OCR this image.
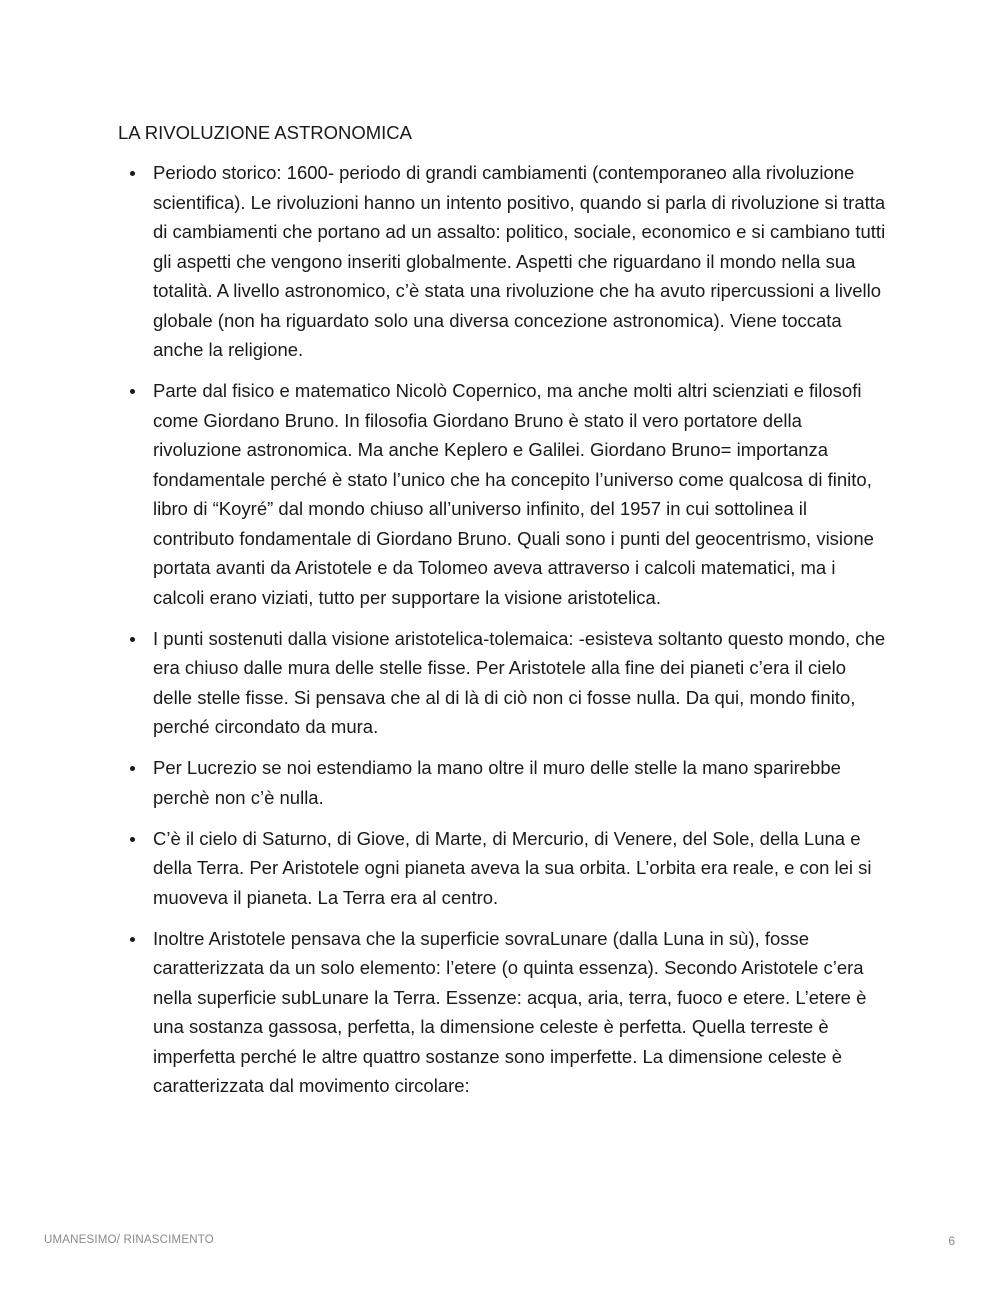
LA RIVOLUZIONE ASTRONOMICA
Periodo storico: 1600- periodo di grandi cambiamenti (contemporaneo alla rivoluzione scientifica). Le rivoluzioni hanno un intento positivo, quando si parla di rivoluzione si tratta di cambiamenti che portano ad un assalto: politico, sociale, economico e si cambiano tutti gli aspetti che vengono inseriti globalmente. Aspetti che riguardano il mondo nella sua totalità. A livello astronomico, c’è stata una rivoluzione che ha avuto ripercussioni a livello globale (non ha riguardato solo una diversa concezione astronomica). Viene toccata anche la religione.
Parte dal fisico e matematico Nicolò Copernico, ma anche molti altri scienziati e filosofi come Giordano Bruno. In filosofia Giordano Bruno è stato il vero portatore della rivoluzione astronomica. Ma anche Keplero e Galilei. Giordano Bruno= importanza fondamentale perché è stato l’unico che ha concepito l’universo come qualcosa di finito, libro di “Koyré” dal mondo chiuso all’universo infinito, del 1957 in cui sottolinea il contributo fondamentale di Giordano Bruno. Quali sono i punti del geocentrismo, visione portata avanti da Aristotele e da Tolomeo aveva attraverso i calcoli matematici, ma i calcoli erano viziati, tutto per supportare la visione aristotelica.
I punti sostenuti dalla visione aristotelica-tolemaica: -esisteva soltanto questo mondo, che era chiuso dalle mura delle stelle fisse. Per Aristotele alla fine dei pianeti c’era il cielo delle stelle fisse. Si pensava che al di là di ciò non ci fosse nulla. Da qui, mondo finito, perché circondato da mura.
Per Lucrezio se noi estendiamo la mano oltre il muro delle stelle la mano sparirebbe perchè non c’è nulla.
C’è il cielo di Saturno, di Giove, di Marte, di Mercurio, di Venere, del Sole, della Luna e della Terra. Per Aristotele ogni pianeta aveva la sua orbita. L’orbita era reale, e con lei si muoveva il pianeta. La Terra era al centro.
Inoltre Aristotele pensava che la superficie sovraLunare (dalla Luna in sù), fosse caratterizzata da un solo elemento: l’etere (o quinta essenza). Secondo Aristotele c’era nella superficie subLunare la Terra. Essenze: acqua, aria, terra, fuoco e etere. L’etere è una sostanza gassosa, perfetta, la dimensione celeste è perfetta. Quella terreste è imperfetta perché le altre quattro sostanze sono imperfette. La dimensione celeste è caratterizzata dal movimento circolare:
UMANESIMO/ RINASCIMENTO	6
